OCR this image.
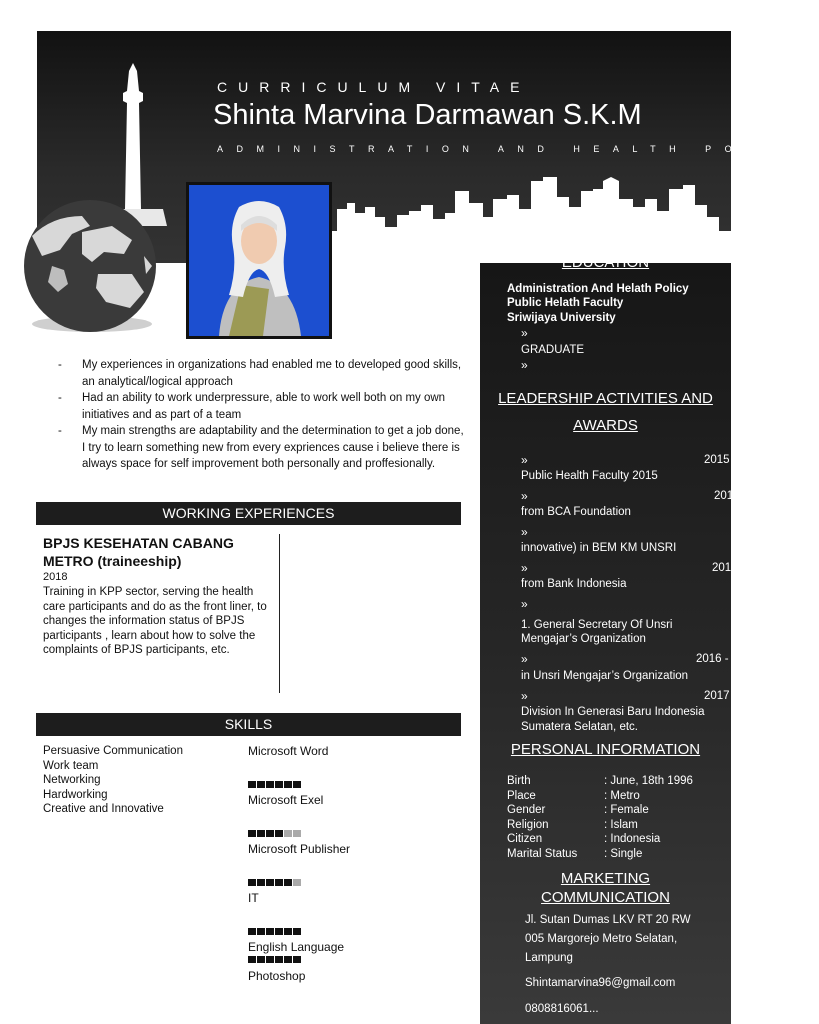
CURRICULUM VITAE
Shinta Marvina Darmawan S.K.M
ADMINISTRATION AND HEALTH POLICY
- My experiences in organizations had enabled me to developed good skills, an analytical/logical approach
- Had an ability to work underpressure, able to work well both on my own initiatives and as part of a team
- My main strengths are adaptability and the determination to get a job done, I try to learn something new from every expriences cause i believe there is always space for self improvement both personally and proffesionally.
WORKING EXPERIENCES
BPJS KESEHATAN CABANG METRO (traineeship)
2018
Training in KPP sector, serving the health care participants and do as the front liner, to changes the information status of BPJS participants , learn about how to solve the complaints of BPJS participants, etc.
SKILLS
Persuasive Communication
Work team
Networking
Hardworking
Creative and Innovative
Microsoft Word
Microsoft Exel
Microsoft Publisher
IT
English Language
Photoshop
EDUCATION
Administration And Helath Policy
Public Helath Faculty
Sriwijaya University
»
GRADUATE
»
LEADERSHIP ACTIVITIES AND
AWARDS
»	2015
Public Health Faculty 2015
»	201
from BCA Foundation
»
innovative) in BEM KM UNSRI
»	201
from Bank Indonesia
»
1. General Secretary Of Unsri
Mengajar’s Organization
»	2016 -
in Unsri Mengajar’s Organization
»	2017
Division In Generasi Baru Indonesia
Sumatera Selatan, etc.
PERSONAL INFORMATION
Birth	: June, 18th 1996
Place	: Metro
Gender	: Female
Religion	: Islam
Citizen	: Indonesia
Marital Status : Single
MARKETING
COMMUNICATION
Jl. Sutan Dumas LKV RT 20 RW
005 Margorejo Metro Selatan,
Lampung
Shintamarvina96@gmail.com
0808816061...
